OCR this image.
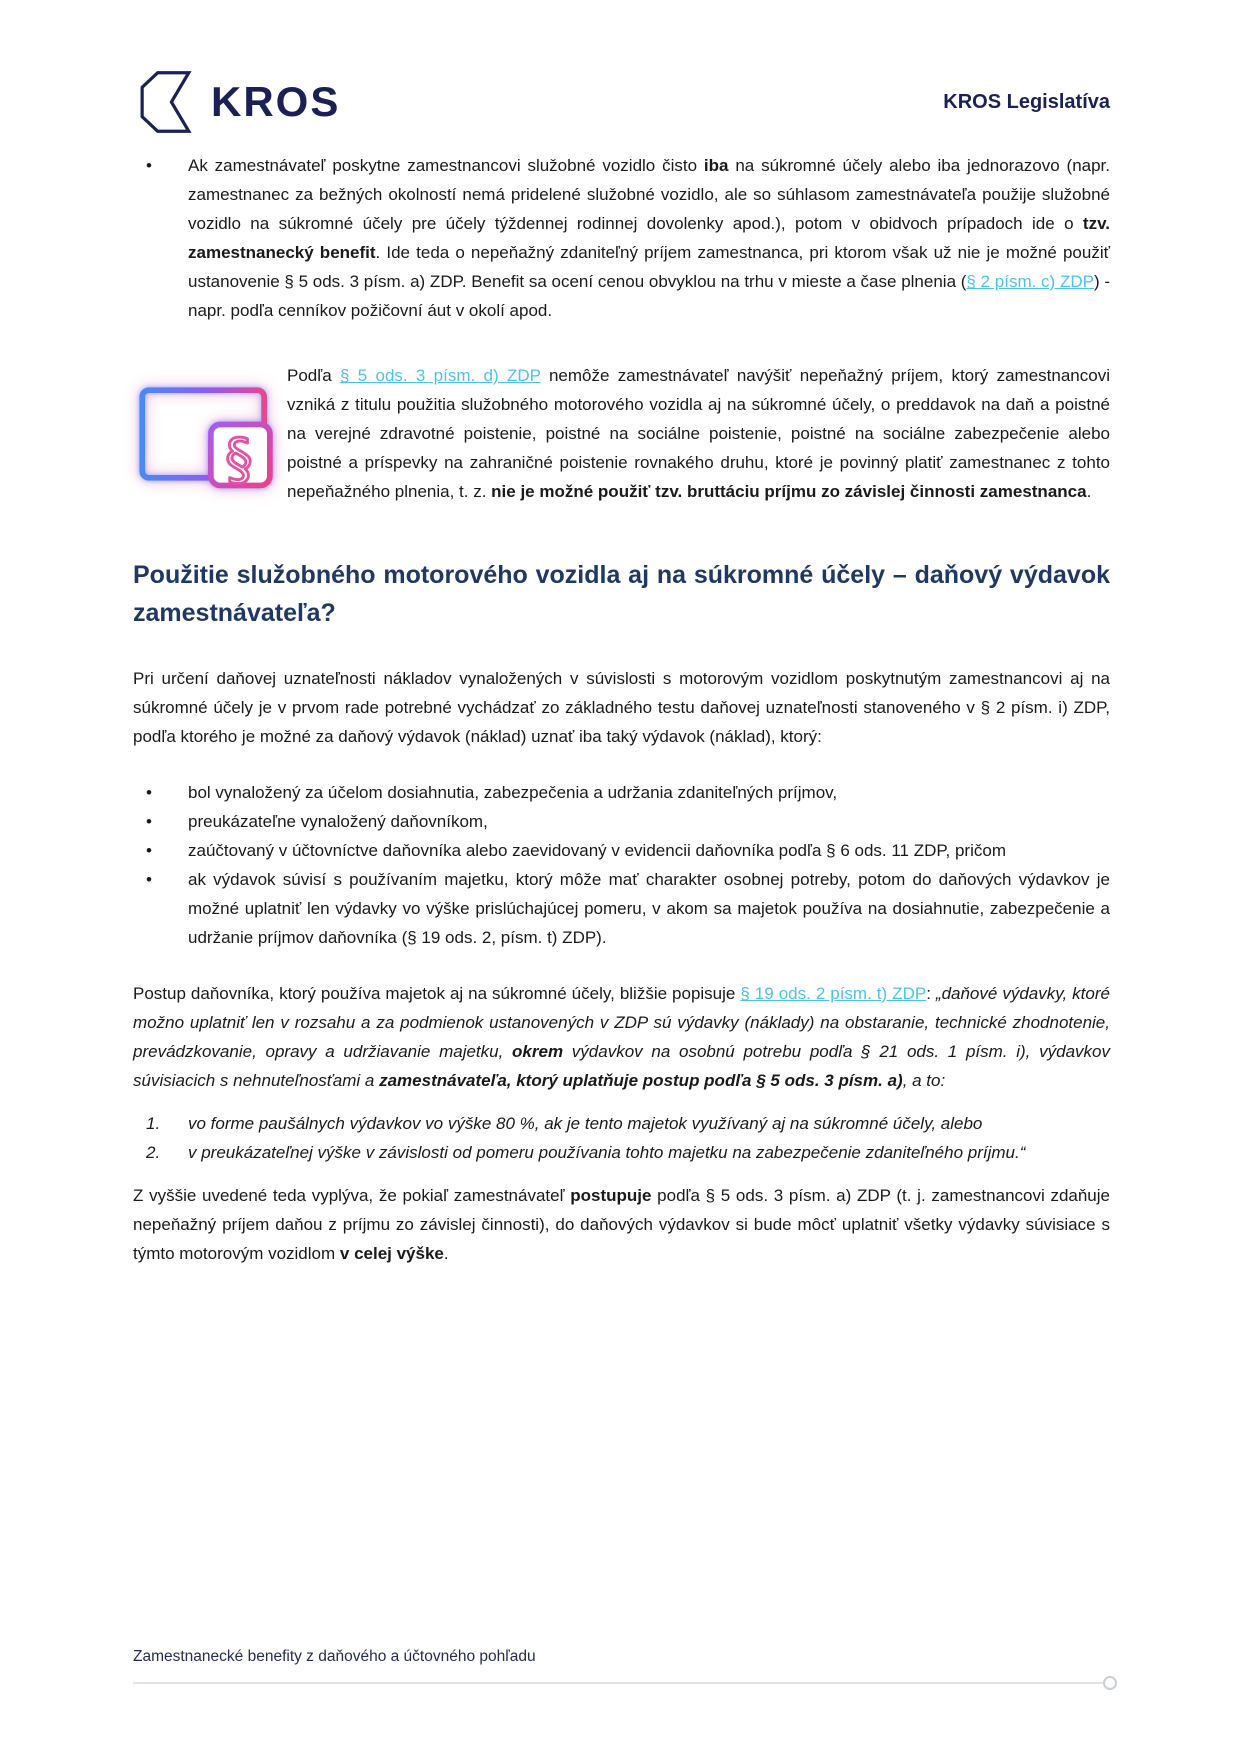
KROS	KROS Legislatíva
• Ak zamestnávateľ poskytne zamestnancovi služobné vozidlo čisto iba na súkromné účely alebo iba jednorazovo (napr. zamestnanec za bežných okolností nemá pridelené služobné vozidlo, ale so súhlasom zamestnávateľa použije služobné vozidlo na súkromné účely pre účely týždennej rodinnej dovolenky apod.), potom v obidvoch prípadoch ide o tzv. zamestnanecký benefit. Ide teda o nepeňažný zdaniteľný príjem zamestnanca, pri ktorom však už nie je možné použiť ustanovenie § 5 ods. 3 písm. a) ZDP. Benefit sa ocení cenou obvyklou na trhu v mieste a čase plnenia (§ 2 písm. c) ZDP) - napr. podľa cenníkov požičovní áut v okolí apod.
§
Podľa § 5 ods. 3 písm. d) ZDP nemôže zamestnávateľ navýšiť nepeňažný príjem, ktorý zamestnancovi vzniká z titulu použitia služobného motorového vozidla aj na súkromné účely, o preddavok na daň a poistné na verejné zdravotné poistenie, poistné na sociálne poistenie, poistné na sociálne zabezpečenie alebo poistné a príspevky na zahraničné poistenie rovnakého druhu, ktoré je povinný platiť zamestnanec z tohto nepeňažného plnenia, t. z. nie je možné použiť tzv. bruttáciu príjmu zo závislej činnosti zamestnanca.
Použitie služobného motorového vozidla aj na súkromné účely – daňový výdavok zamestnávateľa?
Pri určení daňovej uznateľnosti nákladov vynaložených v súvislosti s motorovým vozidlom poskytnutým zamestnancovi aj na súkromné účely je v prvom rade potrebné vychádzať zo základného testu daňovej uznateľnosti stanoveného v § 2 písm. i) ZDP, podľa ktorého je možné za daňový výdavok (náklad) uznať iba taký výdavok (náklad), ktorý:
• bol vynaložený za účelom dosiahnutia, zabezpečenia a udržania zdaniteľných príjmov,
• preukázateľne vynaložený daňovníkom,
• zaúčtovaný v účtovníctve daňovníka alebo zaevidovaný v evidencii daňovníka podľa § 6 ods. 11 ZDP, pričom
• ak výdavok súvisí s používaním majetku, ktorý môže mať charakter osobnej potreby, potom do daňových výdavkov je možné uplatniť len výdavky vo výške prislúchajúcej pomeru, v akom sa majetok používa na dosiahnutie, zabezpečenie a udržanie príjmov daňovníka (§ 19 ods. 2, písm. t) ZDP).
Postup daňovníka, ktorý používa majetok aj na súkromné účely, bližšie popisuje § 19 ods. 2 písm. t) ZDP: „daňové výdavky, ktoré možno uplatniť len v rozsahu a za podmienok ustanovených v ZDP sú výdavky (náklady) na obstaranie, technické zhodnotenie, prevádzkovanie, opravy a udržiavanie majetku, okrem výdavkov na osobnú potrebu podľa § 21 ods. 1 písm. i), výdavkov súvisiacich s nehnuteľnosťami a zamestnávateľa, ktorý uplatňuje postup podľa § 5 ods. 3 písm. a), a to:
1. vo forme paušálnych výdavkov vo výške 80 %, ak je tento majetok využívaný aj na súkromné účely, alebo
2. v preukázateľnej výške v závislosti od pomeru používania tohto majetku na zabezpečenie zdaniteľného príjmu.“
Z vyššie uvedené teda vyplýva, že pokiaľ zamestnávateľ postupuje podľa § 5 ods. 3 písm. a) ZDP (t. j. zamestnancovi zdaňuje nepeňažný príjem daňou z príjmu zo závislej činnosti), do daňových výdavkov si bude môcť uplatniť všetky výdavky súvisiace s týmto motorovým vozidlom v celej výške.
Zamestnanecké benefity z daňového a účtovného pohľadu
